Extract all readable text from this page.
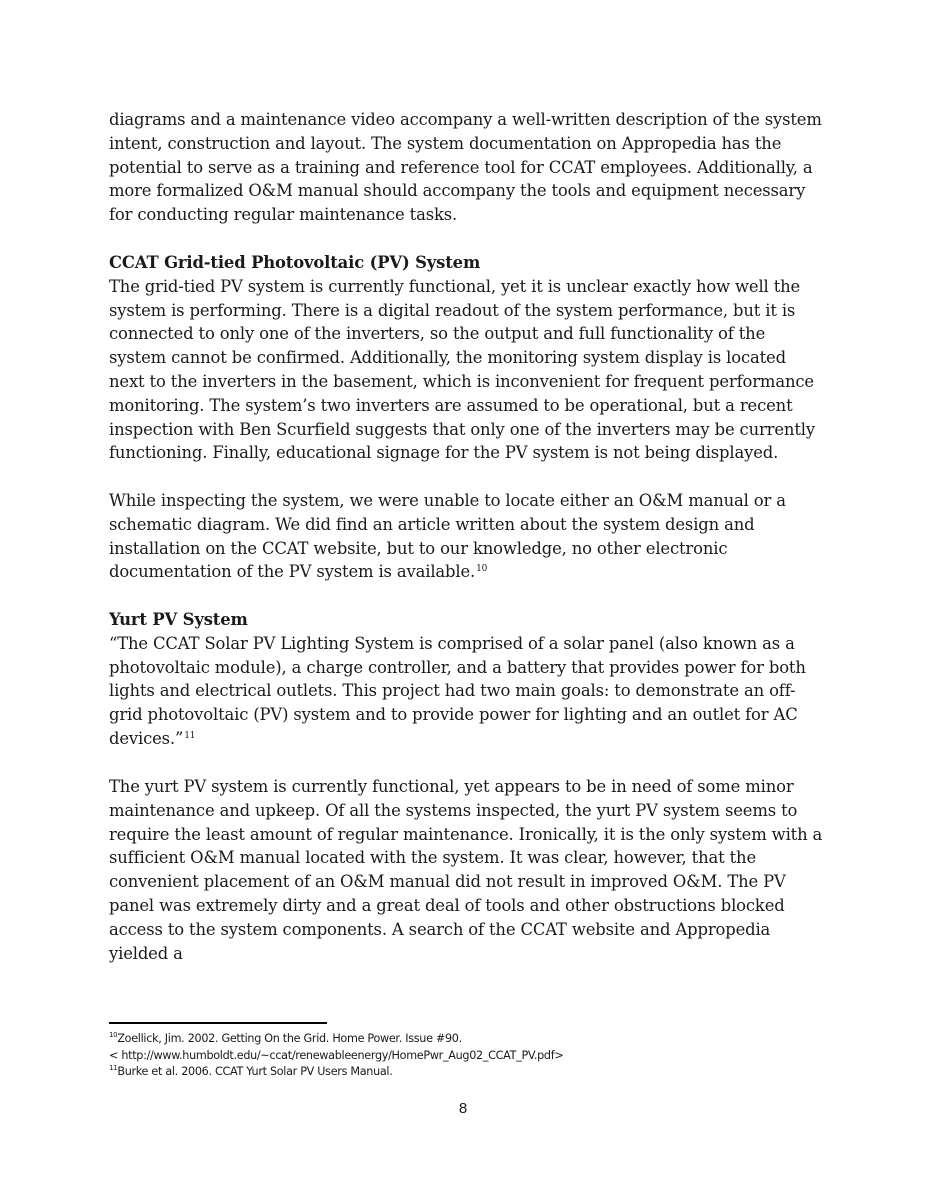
diagrams and a maintenance video accompany a well-written description of the system intent, construction and layout. The system documentation on Appropedia has the potential to serve as a training and reference tool for CCAT employees. Additionally, a more formalized O&M manual should accompany the tools and equipment necessary for conducting regular maintenance tasks.

CCAT Grid-tied Photovoltaic (PV) System

The grid-tied PV system is currently functional, yet it is unclear exactly how well the system is performing. There is a digital readout of the system performance, but it is connected to only one of the inverters, so the output and full functionality of the system cannot be confirmed. Additionally, the monitoring system display is located next to the inverters in the basement, which is inconvenient for frequent performance monitoring. The system’s two inverters are assumed to be operational, but a recent inspection with Ben Scurfield suggests that only one of the inverters may be currently functioning. Finally, educational signage for the PV system is not being displayed.

While inspecting the system, we were unable to locate either an O&M manual or a schematic diagram. We did find an article written about the system design and installation on the CCAT website, but to our knowledge, no other electronic documentation of the PV system is available.$^{10}$

Yurt PV System

“The CCAT Solar PV Lighting System is comprised of a solar panel (also known as a photovoltaic module), a charge controller, and a battery that provides power for both lights and electrical outlets. This project had two main goals: to demonstrate an off-grid photovoltaic (PV) system and to provide power for lighting and an outlet for AC devices.”$^{11}$

The yurt PV system is currently functional, yet appears to be in need of some minor maintenance and upkeep. Of all the systems inspected, the yurt PV system seems to require the least amount of regular maintenance. Ironically, it is the only system with a sufficient O&M manual located with the system. It was clear, however, that the convenient placement of an O&M manual did not result in improved O&M. The PV panel was extremely dirty and a great deal of tools and other obstructions blocked access to the system components. A search of the CCAT website and Appropedia yielded a

$^{10}$Zoellick, Jim. 2002. Getting On the Grid. Home Power. Issue #90.
< http://www.humboldt.edu/~ccat/renewableenergy/HomePwr_Aug02_CCAT_PV.pdf>
$^{11}$Burke et al. 2006. CCAT Yurt Solar PV Users Manual.
8
